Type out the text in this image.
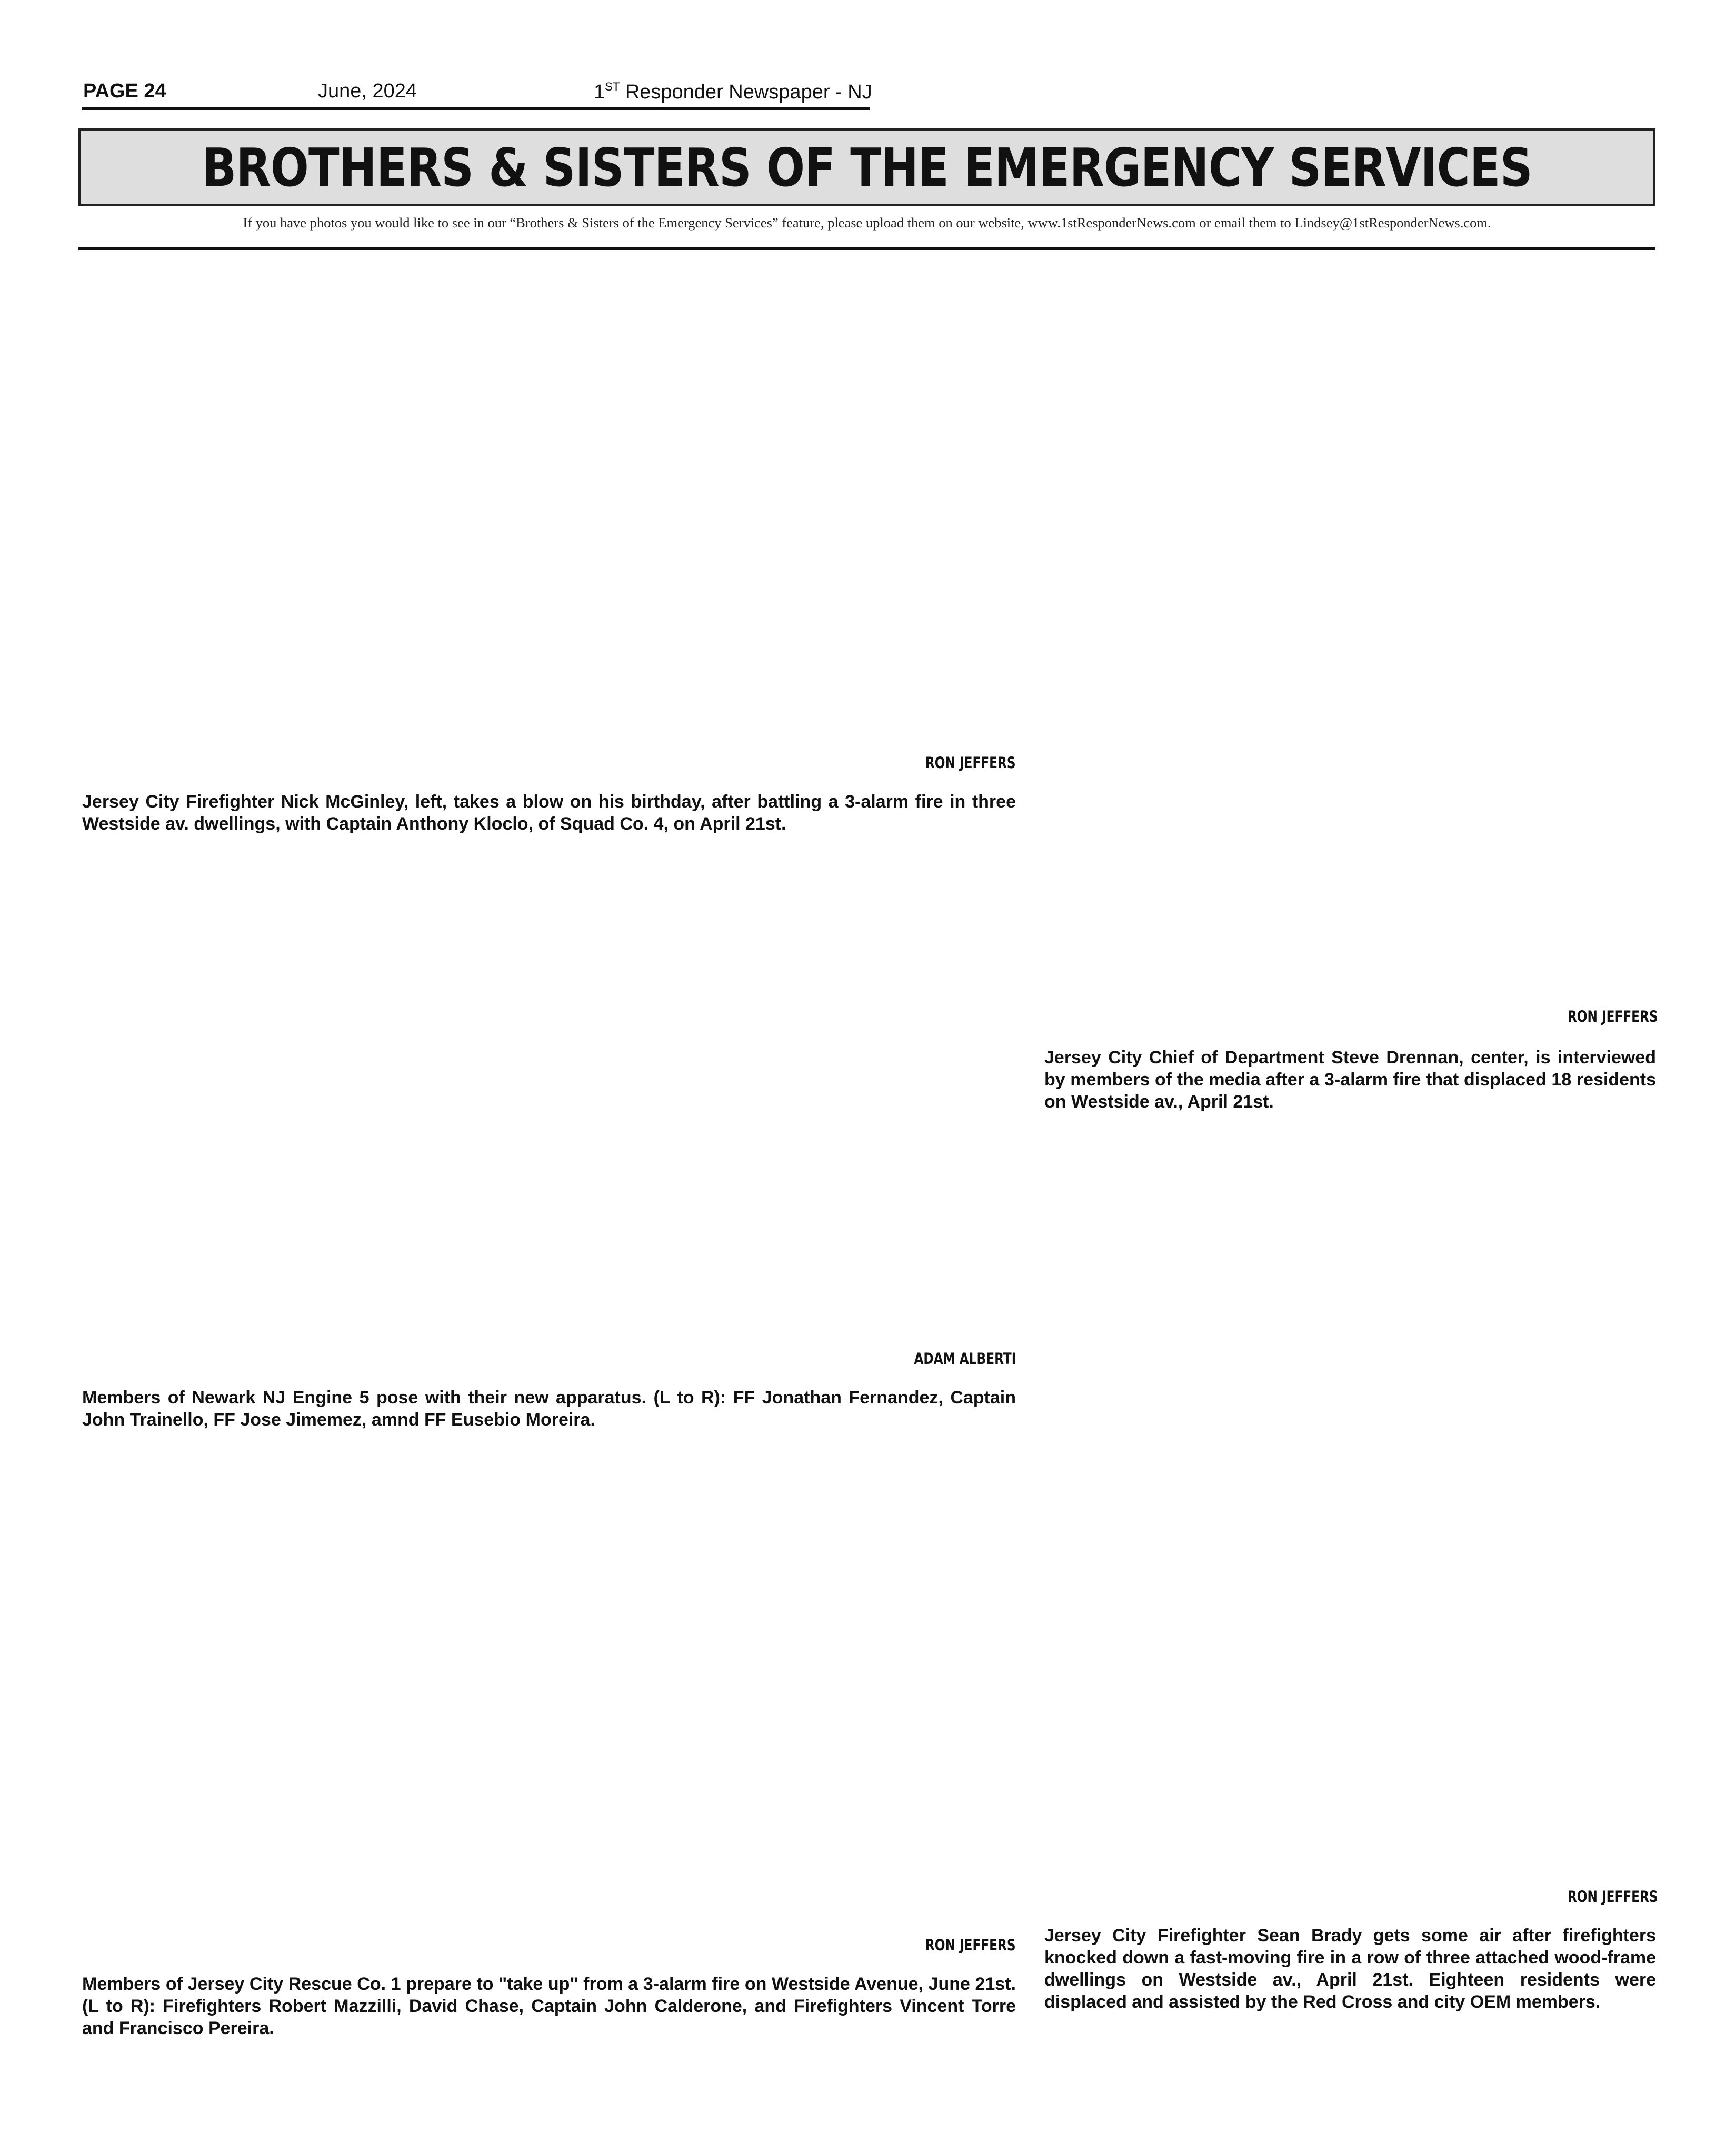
PAGE 24	June, 2024	1ST Responder Newspaper - NJ
BROTHERS & SISTERS OF THE EMERGENCY SERVICES
If you have photos you would like to see in our “Brothers & Sisters of the Emergency Services” feature, please upload them on our website, www.1stResponderNews.com or email them to Lindsey@1stResponderNews.com.
RON JEFFERS
Jersey City Firefighter Nick McGinley, left, takes a blow on his birthday, after battling a 3-alarm fire in three Westside av. dwellings, with Captain Anthony Kloclo, of Squad Co. 4, on April 21st.
RON JEFFERS
Jersey City Chief of Department Steve Drennan, center, is interviewed by members of the media after a 3-alarm fire that displaced 18 residents on Westside av., April 21st.
ADAM ALBERTI
Members of Newark NJ Engine 5 pose with their new apparatus. (L to R): FF Jonathan Fernandez, Captain John Trainello, FF Jose Jimemez, amnd FF Eusebio Moreira.
RON JEFFERS
Jersey City Firefighter Sean Brady gets some air after firefighters knocked down a fast-moving fire in a row of three attached wood-frame dwellings on Westside av., April 21st. Eighteen residents were displaced and assisted by the Red Cross and city OEM members.
RON JEFFERS
Members of Jersey City Rescue Co. 1 prepare to "take up" from a 3-alarm fire on Westside Avenue, June 21st. (L to R): Firefighters Robert Mazzilli, David Chase, Captain John Calderone, and Firefighters Vincent Torre and Francisco Pereira.
